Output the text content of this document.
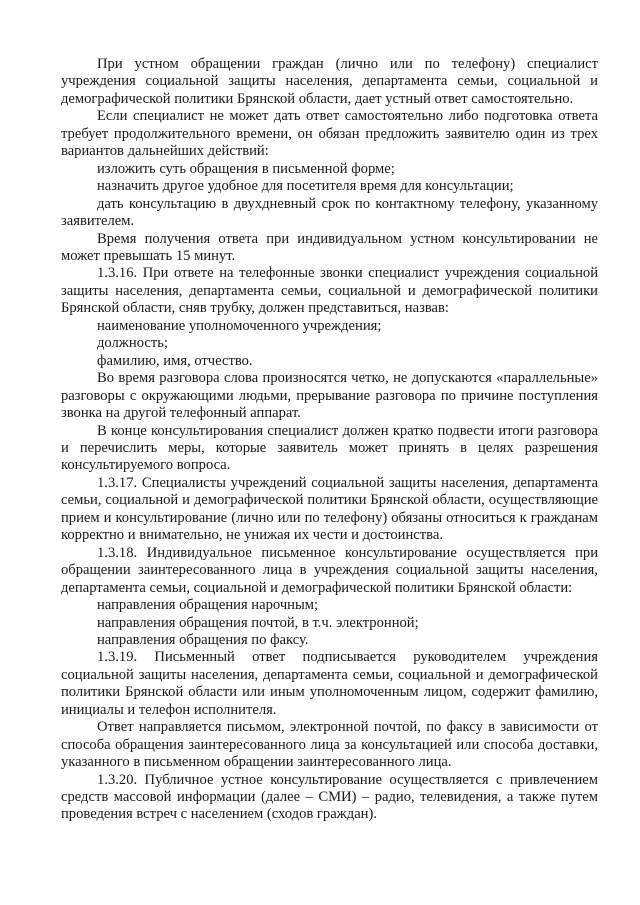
При устном обращении граждан (лично или по телефону) специалист учреждения социальной защиты населения, департамента семьи, социальной и демографической политики Брянской области, дает устный ответ самостоятельно.

Если специалист не может дать ответ самостоятельно либо подготовка ответа требует продолжительного времени, он обязан предложить заявителю один из трех вариантов дальнейших действий:

изложить суть обращения в письменной форме;

назначить другое удобное для посетителя время для консультации;

дать консультацию в двухдневный срок по контактному телефону, указанному заявителем.

Время получения ответа при индивидуальном устном консультировании не может превышать 15 минут.

1.3.16. При ответе на телефонные звонки специалист учреждения социальной защиты населения, департамента семьи, социальной и демографической политики Брянской области, сняв трубку, должен представиться, назвав:

наименование уполномоченного учреждения;

должность;

фамилию, имя, отчество.

Во время разговора слова произносятся четко, не допускаются «параллельные» разговоры с окружающими людьми, прерывание разговора по причине поступления звонка на другой телефонный аппарат.

В конце консультирования специалист должен кратко подвести итоги разговора и перечислить меры, которые заявитель может принять в целях разрешения консультируемого вопроса.

1.3.17. Специалисты учреждений социальной защиты населения, департамента семьи, социальной и демографической политики Брянской области, осуществляющие прием и консультирование (лично или по телефону) обязаны относиться к гражданам корректно и внимательно, не унижая их чести и достоинства.

1.3.18. Индивидуальное письменное консультирование осуществляется при обращении заинтересованного лица в учреждения социальной защиты населения, департамента семьи, социальной и демографической политики Брянской области:

направления обращения нарочным;

направления обращения почтой, в т.ч. электронной;

направления обращения по факсу.

1.3.19. Письменный ответ подписывается руководителем учреждения социальной защиты населения, департамента семьи, социальной и демографической политики Брянской области или иным уполномоченным лицом, содержит фамилию, инициалы и телефон исполнителя.

Ответ направляется письмом, электронной почтой, по факсу в зависимости от способа обращения заинтересованного лица за консультацией или способа доставки, указанного в письменном обращении заинтересованного лица.

1.3.20. Публичное устное консультирование осуществляется с привлечением средств массовой информации (далее – СМИ) – радио, телевидения, а также путем проведения встреч с населением (сходов граждан).
